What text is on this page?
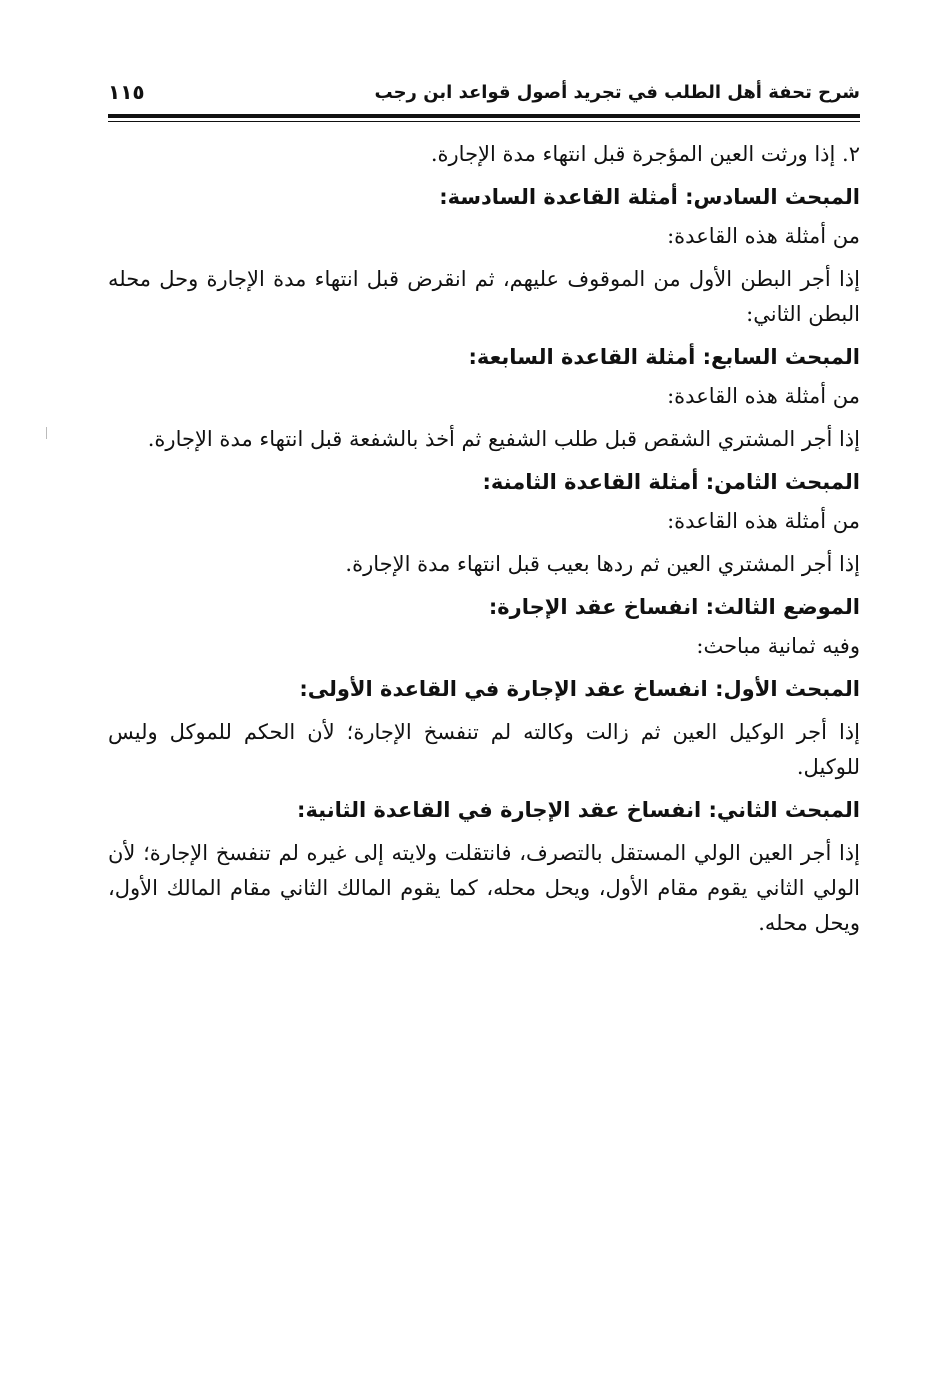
شرح تحفة أهل الطلب في تجريد أصول قواعد ابن رجب
١١٥

٢. إذا ورثت العين المؤجرة قبل انتهاء مدة الإجارة.

المبحث السادس: أمثلة القاعدة السادسة:

من أمثلة هذه القاعدة:

إذا أجر البطن الأول من الموقوف عليهم، ثم انقرض قبل انتهاء مدة الإجارة وحل محله البطن الثاني:

المبحث السابع: أمثلة القاعدة السابعة:

من أمثلة هذه القاعدة:

إذا أجر المشتري الشقص قبل طلب الشفيع ثم أخذ بالشفعة قبل انتهاء مدة الإجارة.

المبحث الثامن: أمثلة القاعدة الثامنة:

من أمثلة هذه القاعدة:

إذا أجر المشتري العين ثم ردها بعيب قبل انتهاء مدة الإجارة.

الموضع الثالث: انفساخ عقد الإجارة:

وفيه ثمانية مباحث:

المبحث الأول: انفساخ عقد الإجارة في القاعدة الأولى:

إذا أجر الوكيل العين ثم زالت وكالته لم تنفسخ الإجارة؛ لأن الحكم للموكل وليس للوكيل.

المبحث الثاني: انفساخ عقد الإجارة في القاعدة الثانية:

إذا أجر العين الولي المستقل بالتصرف، فانتقلت ولايته إلى غيره لم تنفسخ الإجارة؛ لأن الولي الثاني يقوم مقام الأول، ويحل محله، كما يقوم المالك الثاني مقام المالك الأول، ويحل محله.
